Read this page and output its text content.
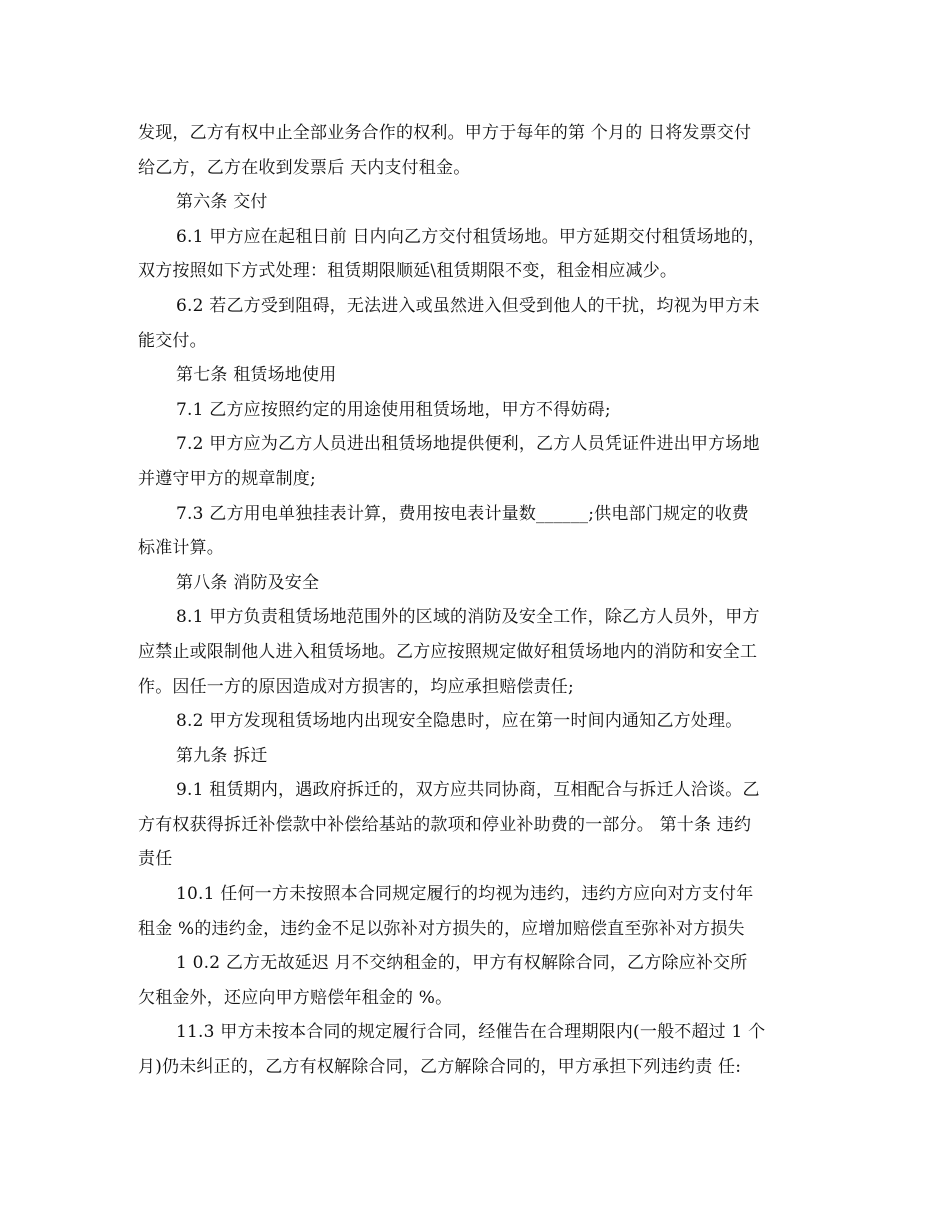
发现，乙方有权中止全部业务合作的权利。甲方于每年的第 个月的 日将发票交付

给乙方，乙方在收到发票后 天内支付租金。

第六条 交付

6.1 甲方应在起租日前 日内向乙方交付租赁场地。甲方延期交付租赁场地的，

双方按照如下方式处理：租赁期限顺延\租赁期限不变，租金相应减少。

6.2 若乙方受到阻碍，无法进入或虽然进入但受到他人的干扰，均视为甲方未

能交付。

第七条 租赁场地使用

7.1 乙方应按照约定的用途使用租赁场地，甲方不得妨碍;

7.2 甲方应为乙方人员进出租赁场地提供便利，乙方人员凭证件进出甲方场地

并遵守甲方的规章制度;

7.3 乙方用电单独挂表计算，费用按电表计量数______;供电部门规定的收费

标准计算。

第八条 消防及安全

8.1 甲方负责租赁场地范围外的区域的消防及安全工作，除乙方人员外，甲方

应禁止或限制他人进入租赁场地。乙方应按照规定做好租赁场地内的消防和安全工

作。因任一方的原因造成对方损害的，均应承担赔偿责任;

8.2 甲方发现租赁场地内出现安全隐患时，应在第一时间内通知乙方处理。

第九条 拆迁

9.1 租赁期内，遇政府拆迁的，双方应共同协商，互相配合与拆迁人洽谈。乙

方有权获得拆迁补偿款中补偿给基站的款项和停业补助费的一部分。 第十条 违约

责任

10.1 任何一方未按照本合同规定履行的均视为违约，违约方应向对方支付年

租金 %的违约金，违约金不足以弥补对方损失的，应增加赔偿直至弥补对方损失

1 0.2 乙方无故延迟 月不交纳租金的，甲方有权解除合同，乙方除应补交所

欠租金外，还应向甲方赔偿年租金的 %。

11.3 甲方未按本合同的规定履行合同，经催告在合理期限内(一般不超过 1 个

月)仍未纠正的，乙方有权解除合同，乙方解除合同的，甲方承担下列违约责 任:
